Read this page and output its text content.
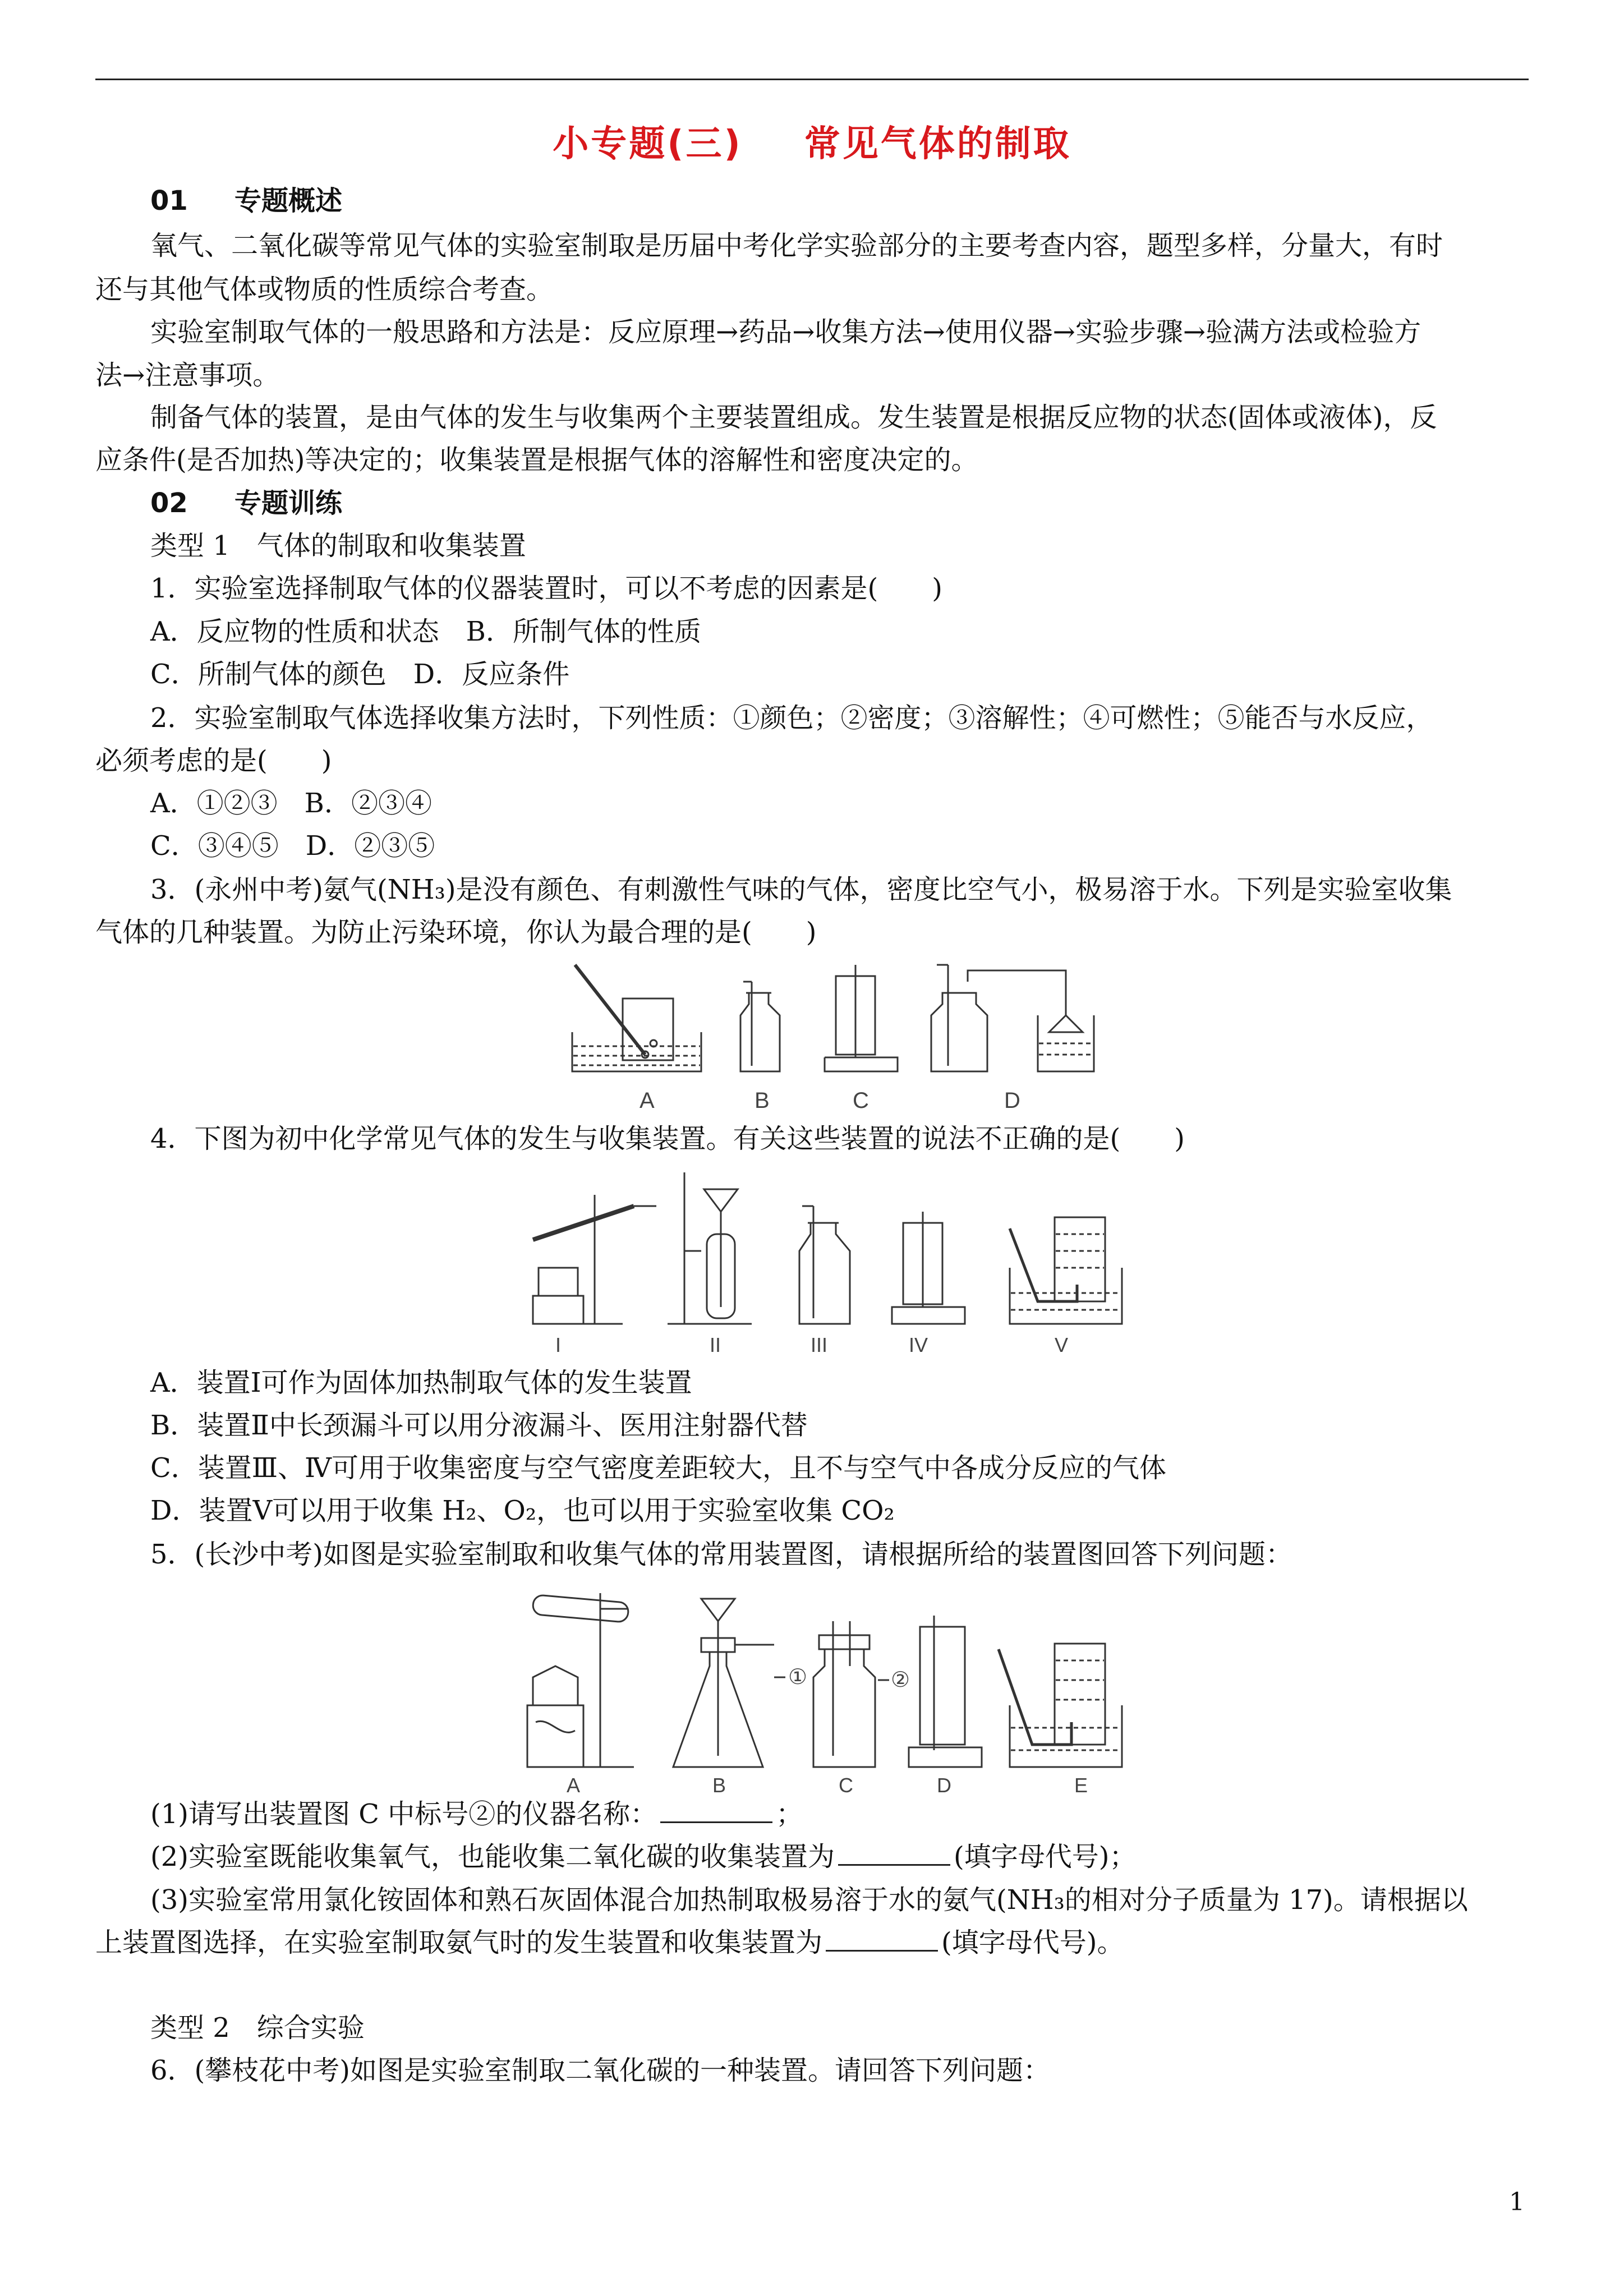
小专题(三) 常见气体的制取
01 专题概述
氧气、二氧化碳等常见气体的实验室制取是历届中考化学实验部分的主要考查内容，题型多样，分量大，有时
还与其他气体或物质的性质综合考查。
实验室制取气体的一般思路和方法是：反应原理→药品→收集方法→使用仪器→实验步骤→验满方法或检验方
法→注意事项。
制备气体的装置，是由气体的发生与收集两个主要装置组成。发生装置是根据反应物的状态(固体或液体)，反
应条件(是否加热)等决定的；收集装置是根据气体的溶解性和密度决定的。
02 专题训练
类型 1　气体的制取和收集装置
1．实验室选择制取气体的仪器装置时，可以不考虑的因素是(　　)
A．反应物的性质和状态　B．所制气体的性质
C．所制气体的颜色　D．反应条件
2．实验室制取气体选择收集方法时，下列性质：①颜色；②密度；③溶解性；④可燃性；⑤能否与水反应，
必须考虑的是(　　)
A．①②③　B．②③④
C．③④⑤　D．②③⑤
3．(永州中考)氨气(NH₃)是没有颜色、有刺激性气味的气体，密度比空气小，极易溶于水。下列是实验室收集
气体的几种装置。为防止污染环境，你认为最合理的是(　　)
A	B	C	D
4．下图为初中化学常见气体的发生与收集装置。有关这些装置的说法不正确的是(　　)
I	II	III	IV	V
A．装置Ⅰ可作为固体加热制取气体的发生装置
B．装置Ⅱ中长颈漏斗可以用分液漏斗、医用注射器代替
C．装置Ⅲ、Ⅳ可用于收集密度与空气密度差距较大，且不与空气中各成分反应的气体
D．装置Ⅴ可以用于收集 H₂、O₂，也可以用于实验室收集 CO₂
5．(长沙中考)如图是实验室制取和收集气体的常用装置图，请根据所给的装置图回答下列问题：
①	②
A	B	C	D	E
(1)请写出装置图 C 中标号②的仪器名称：	；
(2)实验室既能收集氧气，也能收集二氧化碳的收集装置为	(填字母代号)；
(3)实验室常用氯化铵固体和熟石灰固体混合加热制取极易溶于水的氨气(NH₃的相对分子质量为 17)。请根据以
上装置图选择，在实验室制取氨气时的发生装置和收集装置为	(填字母代号)。
类型 2　综合实验
6．(攀枝花中考)如图是实验室制取二氧化碳的一种装置。请回答下列问题：
1
